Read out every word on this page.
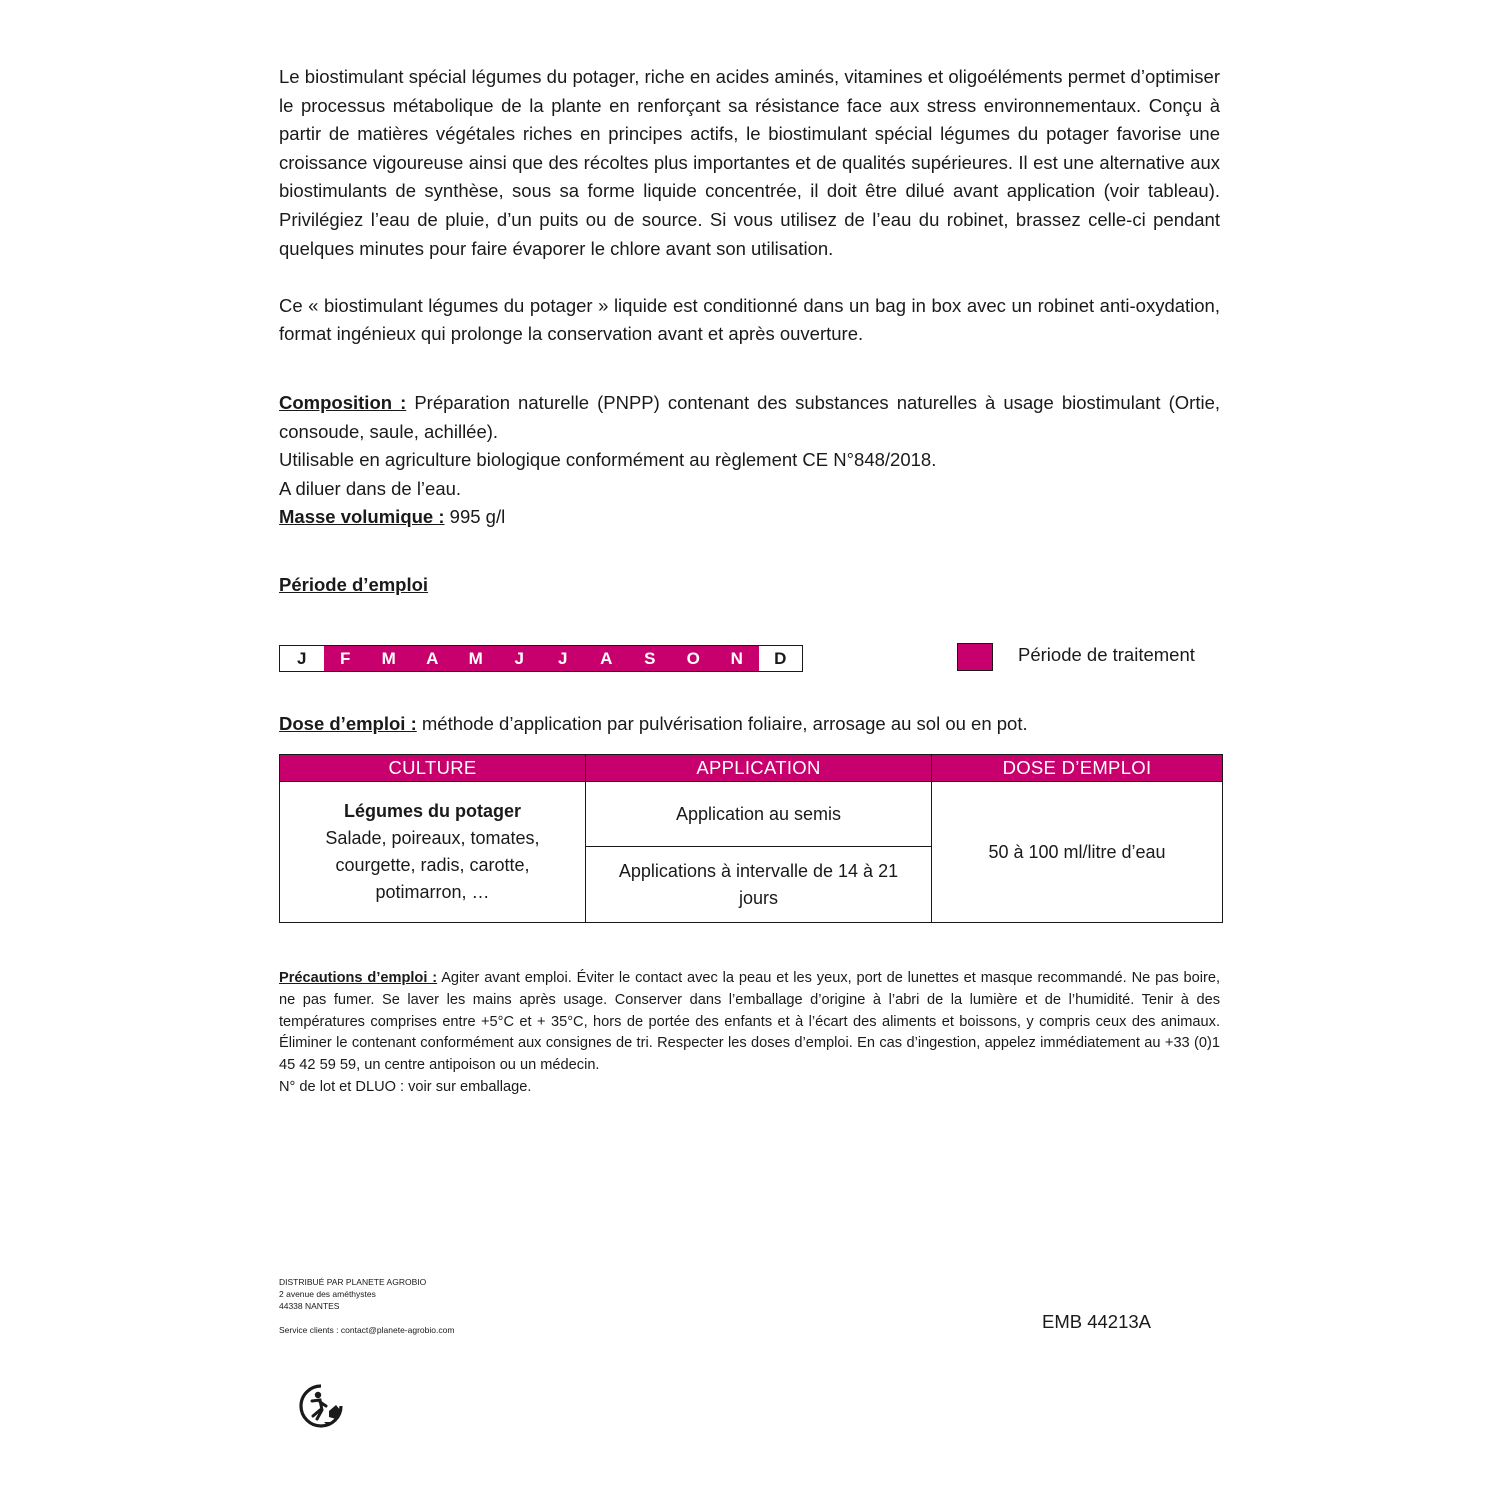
Le biostimulant spécial légumes du potager, riche en acides aminés, vitamines et oligoéléments permet d’optimiser le processus métabolique de la plante en renforçant sa résistance face aux stress environnementaux. Conçu à partir de matières végétales riches en principes actifs, le biostimulant spécial légumes du potager favorise une croissance vigoureuse ainsi que des récoltes plus importantes et de qualités supérieures. Il est une alternative aux biostimulants de synthèse, sous sa forme liquide concentrée, il doit être dilué avant application (voir tableau). Privilégiez l’eau de pluie, d’un puits ou de source. Si vous utilisez de l’eau du robinet, brassez celle-ci pendant quelques minutes pour faire évaporer le chlore avant son utilisation.

Ce « biostimulant légumes du potager » liquide est conditionné dans un bag in box avec un robinet anti-oxydation, format ingénieux qui prolonge la conservation avant et après ouverture.

Composition : Préparation naturelle (PNPP) contenant des substances naturelles à usage biostimulant (Ortie, consoude, saule, achillée).

Utilisable en agriculture biologique conformément au règlement CE N°848/2018.

A diluer dans de l’eau.

Masse volumique : 995 g/l

Période d’emploi

J	F	M	A	M	J	J	A	S	O	N	D	Période de traitement

Dose d’emploi : méthode d’application par pulvérisation foliaire, arrosage au sol ou en pot.

CULTURE	APPLICATION	DOSE D’EMPLOI

Légumes du potager
Salade, poireaux, tomates, courgette, radis, carotte, potimarron, …	Application au semis	50 à 100 ml/litre d’eau
	Applications à intervalle de 14 à 21 jours	

Précautions d’emploi : Agiter avant emploi. Éviter le contact avec la peau et les yeux, port de lunettes et masque recommandé. Ne pas boire, ne pas fumer. Se laver les mains après usage. Conserver dans l’emballage d’origine à l’abri de la lumière et de l’humidité. Tenir à des températures comprises entre +5°C et + 35°C, hors de portée des enfants et à l’écart des aliments et boissons, y compris ceux des animaux. Éliminer le contenant conformément aux consignes de tri. Respecter les doses d’emploi. En cas d’ingestion, appelez immédiatement au +33 (0)1 45 42 59 59, un centre antipoison ou un médecin.

N° de lot et DLUO : voir sur emballage.

DISTRIBUÉ PAR PLANETE AGROBIO
2 avenue des améthystes
44338 NANTES
Service clients : contact@planete-agrobio.com	EMB 44213A
